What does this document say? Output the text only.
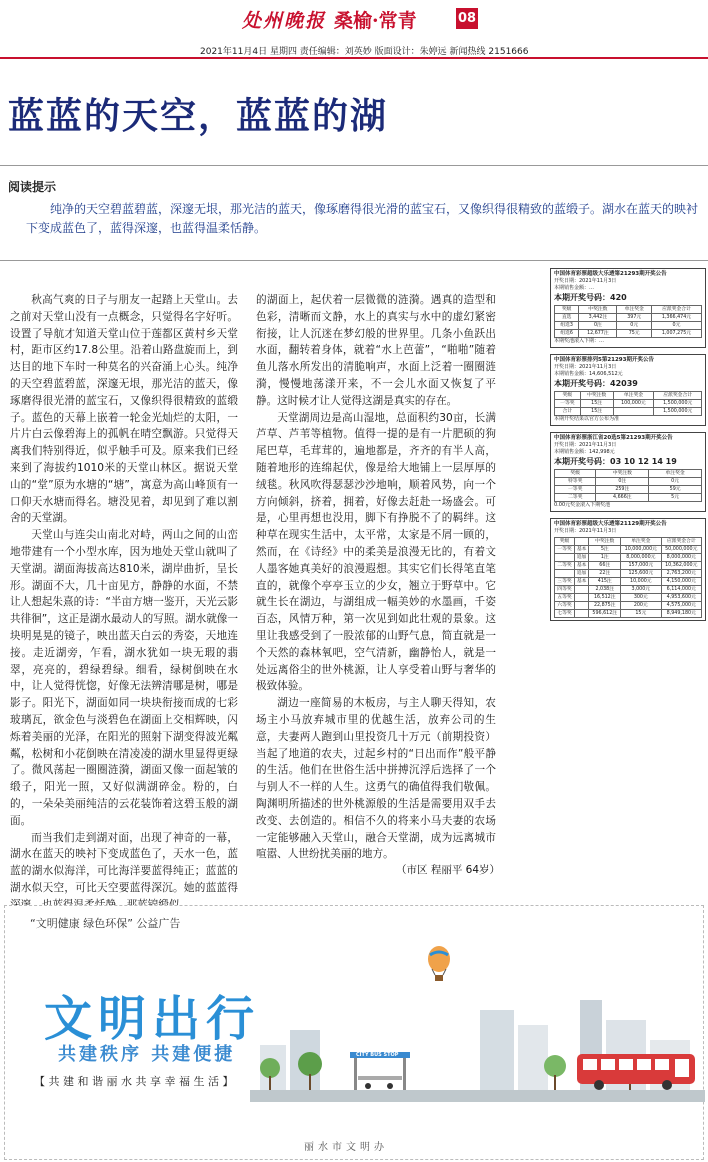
处州晚报 桑榆·常青	08
2021年11月4日 星期四 责任编辑：刘英妙 版面设计：朱婷远 新闻热线 2151666
蓝蓝的天空，蓝蓝的湖
阅读提示
纯净的天空碧蓝碧蓝，深邃无垠，那光洁的蓝天，像琢磨得很光滑的蓝宝石，又像织得很精致的蓝缎子。湖水在蓝天的映衬下变成蓝色了，蓝得深邃，也蓝得温柔恬静。

秋高气爽的日子与朋友一起踏上天堂山。去之前对天堂山没有一点概念，只觉得名字好听。设置了导航才知道天堂山位于莲都区黄村乡天堂村，距市区约17.8公里。沿着山路盘旋而上，到达目的地下车时一种莫名的兴奋涌上心头。纯净的天空碧蓝碧蓝，深邃无垠，那光洁的蓝天，像琢磨得很光滑的蓝宝石，又像织得很精致的蓝缎子。蓝色的天幕上嵌着一轮金光灿烂的太阳，一片片白云像碧海上的孤帆在晴空飘游。只觉得天离我们特别得近，似乎触手可及。原来我们已经来到了海拔约1010米的天堂山林区。据说天堂山的“堂”原为水塘的“塘”，寓意为高山峰顶有一口仰天水塘而得名。塘没见着，却见到了难以割舍的天堂湖。

天堂山与连尖山南北对峙，两山之间的山峦地带建有一个小型水库，因为地处天堂山就叫了天堂湖。湖面海拔高达810米，湖岸曲折，呈长形。湖面不大，几十亩见方，静静的水面，不禁让人想起朱熹的诗：“半亩方塘一鉴开，天光云影共徘徊”，这正是湖水最动人的写照。湖水就像一块明晃晃的镜子，映出蓝天白云的秀姿，天地连接。走近湖旁，乍看，湖水犹如一块无瑕的翡翠，亮亮的，碧绿碧绿。细看，绿树倒映在水中，让人觉得恍惚，好像无法辨清哪是树，哪是影子。阳光下，湖面如同一块块衔接而成的七彩玻璃瓦，欲金色与淡碧色在湖面上交相辉映，闪烁着美丽的光泽，在阳光的照射下湖变得波光粼粼，松树和小花倒映在清凌凌的湖水里显得更绿了。微风荡起一圈圈涟漪，湖面又像一面起皱的缎子，阳光一照，又好似满湖碎金。粉的，白的，一朵朵美丽纯洁的云花装饰着这碧玉般的湖面。

而当我们走到湖对面，出现了神奇的一幕，湖水在蓝天的映衬下变成蓝色了，天水一色，蓝蓝的湖水似海洋，可比海洋要蓝得纯正；蓝蓝的湖水似天空，可比天空要蓝得深沉。她的蓝蓝得

的湖面上，起伏着一层微微的涟漪。遇真的造型和色彩，清晰而文静，水上的真实与水中的虚幻紧密衔接，让人沉迷在梦幻般的世界里。几条小鱼跃出水面，翻转着身体，就着“水上芭蕾”，“啪啪”随着鱼儿落水所发出的清脆响声，水面上泛着一圈圈涟漪，慢慢地荡漾开来，不一会儿水面又恢复了平静。这时候才让人觉得这湖是真实的存在。

天堂湖周边是高山湿地，总面积约30亩，长满芦草、芦苇等植物。值得一提的是有一片肥硕的狗尾巴草，毛茸茸的，遍地都是，齐齐的有半人高，随着地形的连绵起伏，像是给大地铺上一层厚厚的绒毯。秋风吹得瑟瑟沙沙地响，顺着风势，向一个方向倾斜，挤着，拥着，好像去赶赴一场盛会。可是，心里再想也没用，脚下有挣脱不了的羁绊。这种草在现实生活中，太平常，太家是不屑一顾的，然而，在《诗经》中的柔美是浪漫无比的，有着文人墨客她真美好的浪漫遐想。其实它们长得笔直笔直的，就像个亭亭玉立的少女，翘立于野草中。它就生长在湖边，与湖组成一幅美妙的水墨画，千姿百态，风情万种，第一次见到如此壮观的景象。这里让我感受到了一股浓郁的山野气息，简直就是一个天然的森林氧吧，空气清新，幽静怡人，就是一处远离俗尘的世外桃源，让人享受着山野与奢华的极致体验。

湖边一座简易的木板房，与主人聊天得知，农场主小马放弃城市里的优越生活，放弃公司的生意，夫妻两人跑到山里投资几十万元（前期投资）当起了地道的农夫，过起乡村的“日出而作”般平静的生活。他们在世俗生活中拼搏沉浮后选择了一个与别人不一样的人生。这勇气的确值得我们敬佩。陶渊明所描述的世外桃源般的生活是需要用双手去改变、去创造的。相信不久的将来小马夫妻的农场一定能够融入天堂山，融合天堂湖，成为远离城市喧嚣、人世纷扰美丽的地方。

（市区 程丽平 64岁）
中国体育彩票超级大乐透第21293期开奖公告
开奖日期：2021年11月3日
本期销售金额：…
本期开奖号码：420
奖级	中奖注数	单注奖金	应派奖金合计
直选	3,442注	397元	1,366,474元
组选3	0注	0元	0元
组选6	12,677注	75元	1,007,275元
本期奖池滚入下期：…
中国体育彩票排列5第21293期开奖公告
开奖日期：2021年11月3日
本期销售金额：14,606,512元
本期开奖号码：42039
奖级	中奖注数	单注奖金	应派奖金合计
一等奖	15注	100,000元	1,500,000元
合计	15注		1,500,000元
本期开奖结果以官方公布为准
中国体育彩票浙江省20选5第21293期开奖公告
开奖日期：2021年11月3日
本期销售金额：142,998元
本期开奖号码：03 10 12 14 19
奖级	中奖注数	单注奖金
特等奖	0注	0元
一等奖	259注	59元
二等奖	4,666注	5元
0.00元奖金滚入下期奖池
中国体育彩票超级大乐透第21129期开奖公告
开奖日期：2021年11月3日
奖级		中奖注数	单注奖金	应派奖金合计
一等奖	基本	5注	10,000,000元	50,000,000元
	追加	1注	8,000,000元	8,000,000元
二等奖	基本	66注	157,000元	10,362,000元
	追加	22注	125,600元	2,763,200元
三等奖	基本	415注	10,000元	4,150,000元
四等奖		2,038注	3,000元	6,114,000元
五等奖		16,512注	300元	4,953,600元
六等奖		22,875注	200元	4,575,000元
七等奖		596,612注	15元	8,949,180元
“文明健康 绿色环保” 公益广告
文明出行
共建秩序 共建便捷
【 共 建 和 谐 丽 水 共 享 幸 福 生 活 】
CITY BUS STOP
丽水市文明办
